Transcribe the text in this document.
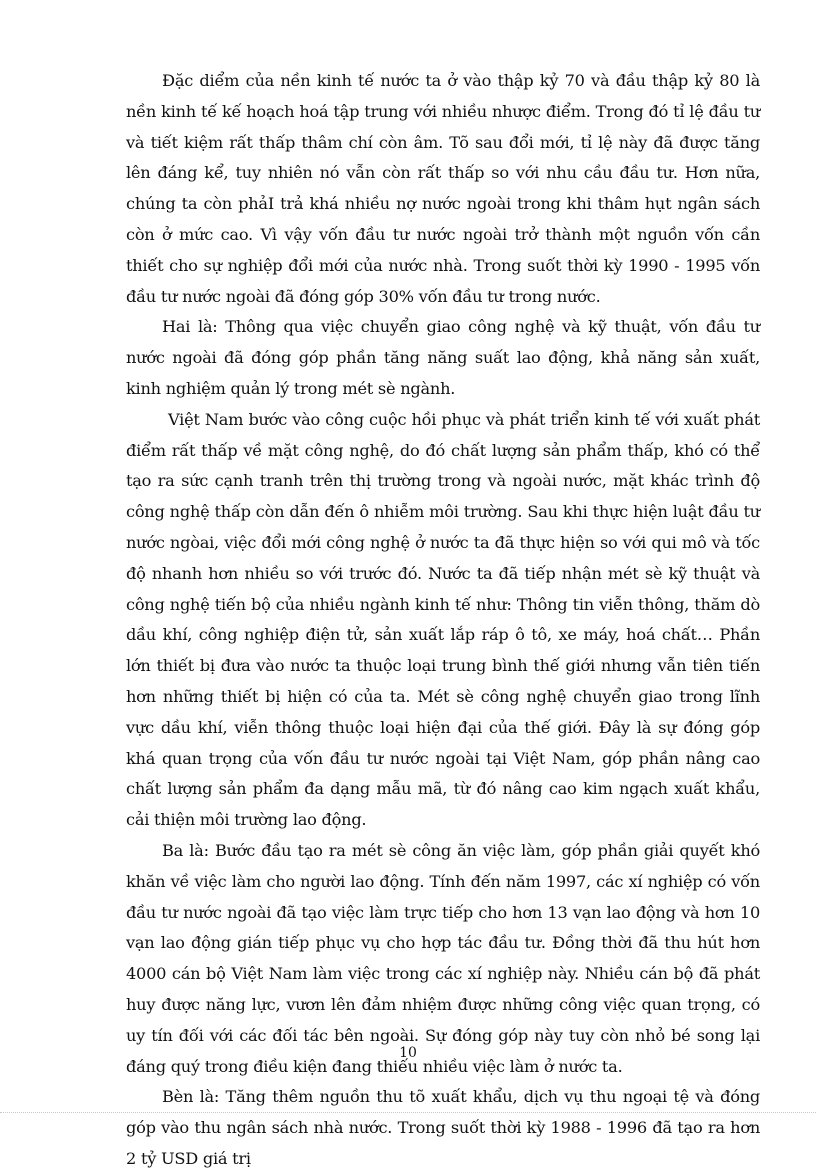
Đặc diểm của nền kinh tế nước ta ở vào thập kỷ 70 và đầu thập kỷ 80 là nền kinh tế kế hoạch hoá tập trung với nhiều nhược điểm. Trong đó tỉ lệ đầu tư và tiết kiệm rất thấp thâm chí còn âm. Tõ sau đổi mới, tỉ lệ này đã được tăng lên đáng kể, tuy nhiên nó vẫn còn rất thấp so với nhu cầu đầu tư. Hơn nữa, chúng ta còn phảI trả khá nhiều nợ nước ngoài trong khi thâm hụt ngân sách còn ở mức cao. Vì vậy vốn đầu tư nước ngoài trở thành một nguồn vốn cần thiết cho sự nghiệp đổi mới của nước nhà. Trong suốt thời kỳ 1990 - 1995 vốn đầu tư nước ngoài đã đóng góp 30% vốn đầu tư trong nước.

Hai là: Thông qua việc chuyển giao công nghệ và kỹ thuật, vốn đầu tư nước ngoài đã đóng góp phần tăng năng suất lao động, khả năng sản xuất, kinh nghiệm quản lý trong mét sè ngành.

Việt Nam bước vào công cuộc hồi phục và phát triển kinh tế với xuất phát điểm rất thấp về mặt công nghệ, do đó chất lượng sản phẩm thấp, khó có thể tạo ra sức cạnh tranh trên thị trường trong và ngoài nước, mặt khác trình độ công nghệ thấp còn dẫn đến ô nhiễm môi trường. Sau khi thực hiện luật đầu tư nước ngòai, việc đổi mới công nghệ ở nước ta đã thực hiện so với qui mô và tốc độ nhanh hơn nhiều so với trước đó. Nước ta đã tiếp nhận mét sè kỹ thuật và công nghệ tiến bộ của nhiều ngành kinh tế như: Thông tin viễn thông, thăm dò dầu khí, công nghiệp điện tử, sản xuất lắp ráp ô tô, xe máy, hoá chất… Phần lớn thiết bị đưa vào nước ta thuộc loại trung bình thế giới nhưng vẫn tiên tiến hơn những thiết bị hiện có của ta. Mét sè công nghệ chuyển giao trong lĩnh vực dầu khí, viễn thông thuộc loại hiện đại của thế giới. Đây là sự đóng góp khá quan trọng của vốn đầu tư nước ngoài tại Việt Nam, góp phần nâng cao chất lượng sản phẩm đa dạng mẫu mã, từ đó nâng cao kim ngạch xuất khẩu, cải thiện môi trường lao động.

Ba là: Bước đầu tạo ra mét sè công ăn việc làm, góp phần giải quyết khó khăn về việc làm cho người lao động. Tính đến năm 1997, các xí nghiệp có vốn đầu tư nước ngoài đã tạo việc làm trực tiếp cho hơn 13 vạn lao động và hơn 10 vạn lao động gián tiếp phục vụ cho hợp tác đầu tư. Đồng thời đã thu hút hơn 4000 cán bộ Việt Nam làm việc trong các xí nghiệp này. Nhiều cán bộ đã phát huy được năng lực, vươn lên đảm nhiệm được những công việc quan trọng, có uy tín đối với các đối tác bên ngoài. Sự đóng góp này tuy còn nhỏ bé song lại đáng quý trong điều kiện đang thiếu nhiều việc làm ở nước ta.

Bèn là: Tăng thêm nguồn thu tõ xuất khẩu, dịch vụ thu ngoại tệ và đóng góp vào thu ngân sách nhà nước. Trong suốt thời kỳ 1988 - 1996 đã tạo ra hơn 2 tỷ USD giá trị

10
